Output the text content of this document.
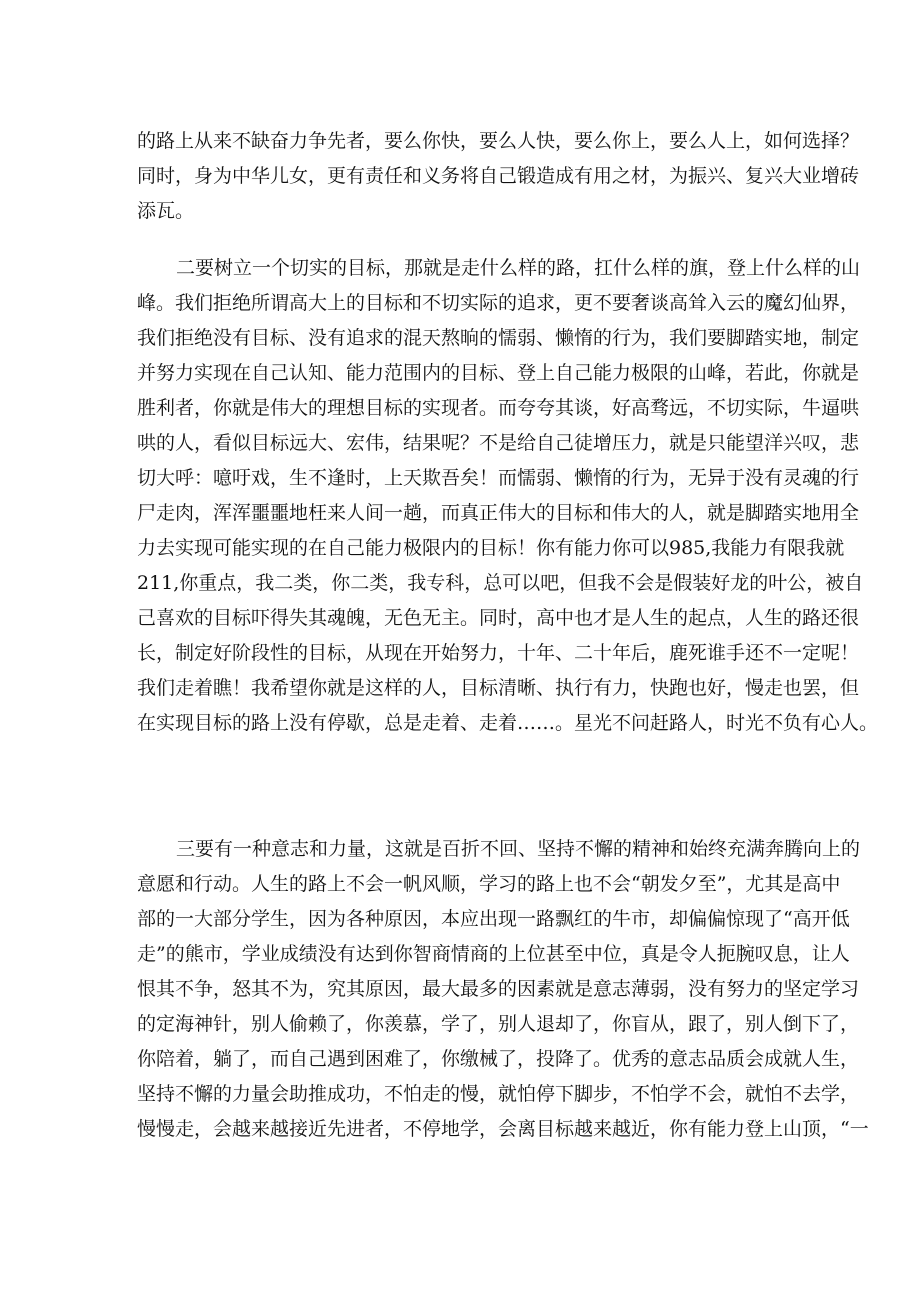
的路上从来不缺奋力争先者，要么你快，要么人快，要么你上，要么人上，如何选择？
同时，身为中华儿女，更有责任和义务将自己锻造成有用之材，为振兴、复兴大业增砖
添瓦。
二要树立一个切实的目标，那就是走什么样的路，扛什么样的旗，登上什么样的山
峰。我们拒绝所谓高大上的目标和不切实际的追求，更不要奢谈高耸入云的魔幻仙界，
我们拒绝没有目标、没有追求的混天熬晌的懦弱、懒惰的行为，我们要脚踏实地，制定
并努力实现在自己认知、能力范围内的目标、登上自己能力极限的山峰，若此，你就是
胜利者，你就是伟大的理想目标的实现者。而夸夸其谈，好高骛远，不切实际，牛逼哄
哄的人，看似目标远大、宏伟，结果呢？不是给自己徒增压力，就是只能望洋兴叹，悲
切大呼：噫吁戏，生不逢时，上天欺吾矣！而懦弱、懒惰的行为，无异于没有灵魂的行
尸走肉，浑浑噩噩地枉来人间一趟，而真正伟大的目标和伟大的人，就是脚踏实地用全
力去实现可能实现的在自己能力极限内的目标！你有能力你可以985,我能力有限我就
211,你重点，我二类，你二类，我专科，总可以吧，但我不会是假装好龙的叶公，被自
己喜欢的目标吓得失其魂魄，无色无主。同时，高中也才是人生的起点，人生的路还很
长，制定好阶段性的目标，从现在开始努力，十年、二十年后，鹿死谁手还不一定呢！
我们走着瞧！我希望你就是这样的人，目标清晰、执行有力，快跑也好，慢走也罢，但
在实现目标的路上没有停歇，总是走着、走着……。星光不问赶路人，时光不负有心人。
三要有一种意志和力量，这就是百折不回、坚持不懈的精神和始终充满奔腾向上的
意愿和行动。人生的路上不会一帆风顺，学习的路上也不会“朝发夕至”，尤其是高中
部的一大部分学生，因为各种原因，本应出现一路飘红的牛市，却偏偏惊现了“高开低
走”的熊市，学业成绩没有达到你智商情商的上位甚至中位，真是令人扼腕叹息，让人
恨其不争，怒其不为，究其原因，最大最多的因素就是意志薄弱，没有努力的坚定学习
的定海神针，别人偷赖了，你羡慕，学了，别人退却了，你盲从，跟了，别人倒下了，
你陪着，躺了，而自己遇到困难了，你缴械了，投降了。优秀的意志品质会成就人生，
坚持不懈的力量会助推成功，不怕走的慢，就怕停下脚步，不怕学不会，就怕不去学，
慢慢走，会越来越接近先进者，不停地学，会离目标越来越近，你有能力登上山顶，“一
